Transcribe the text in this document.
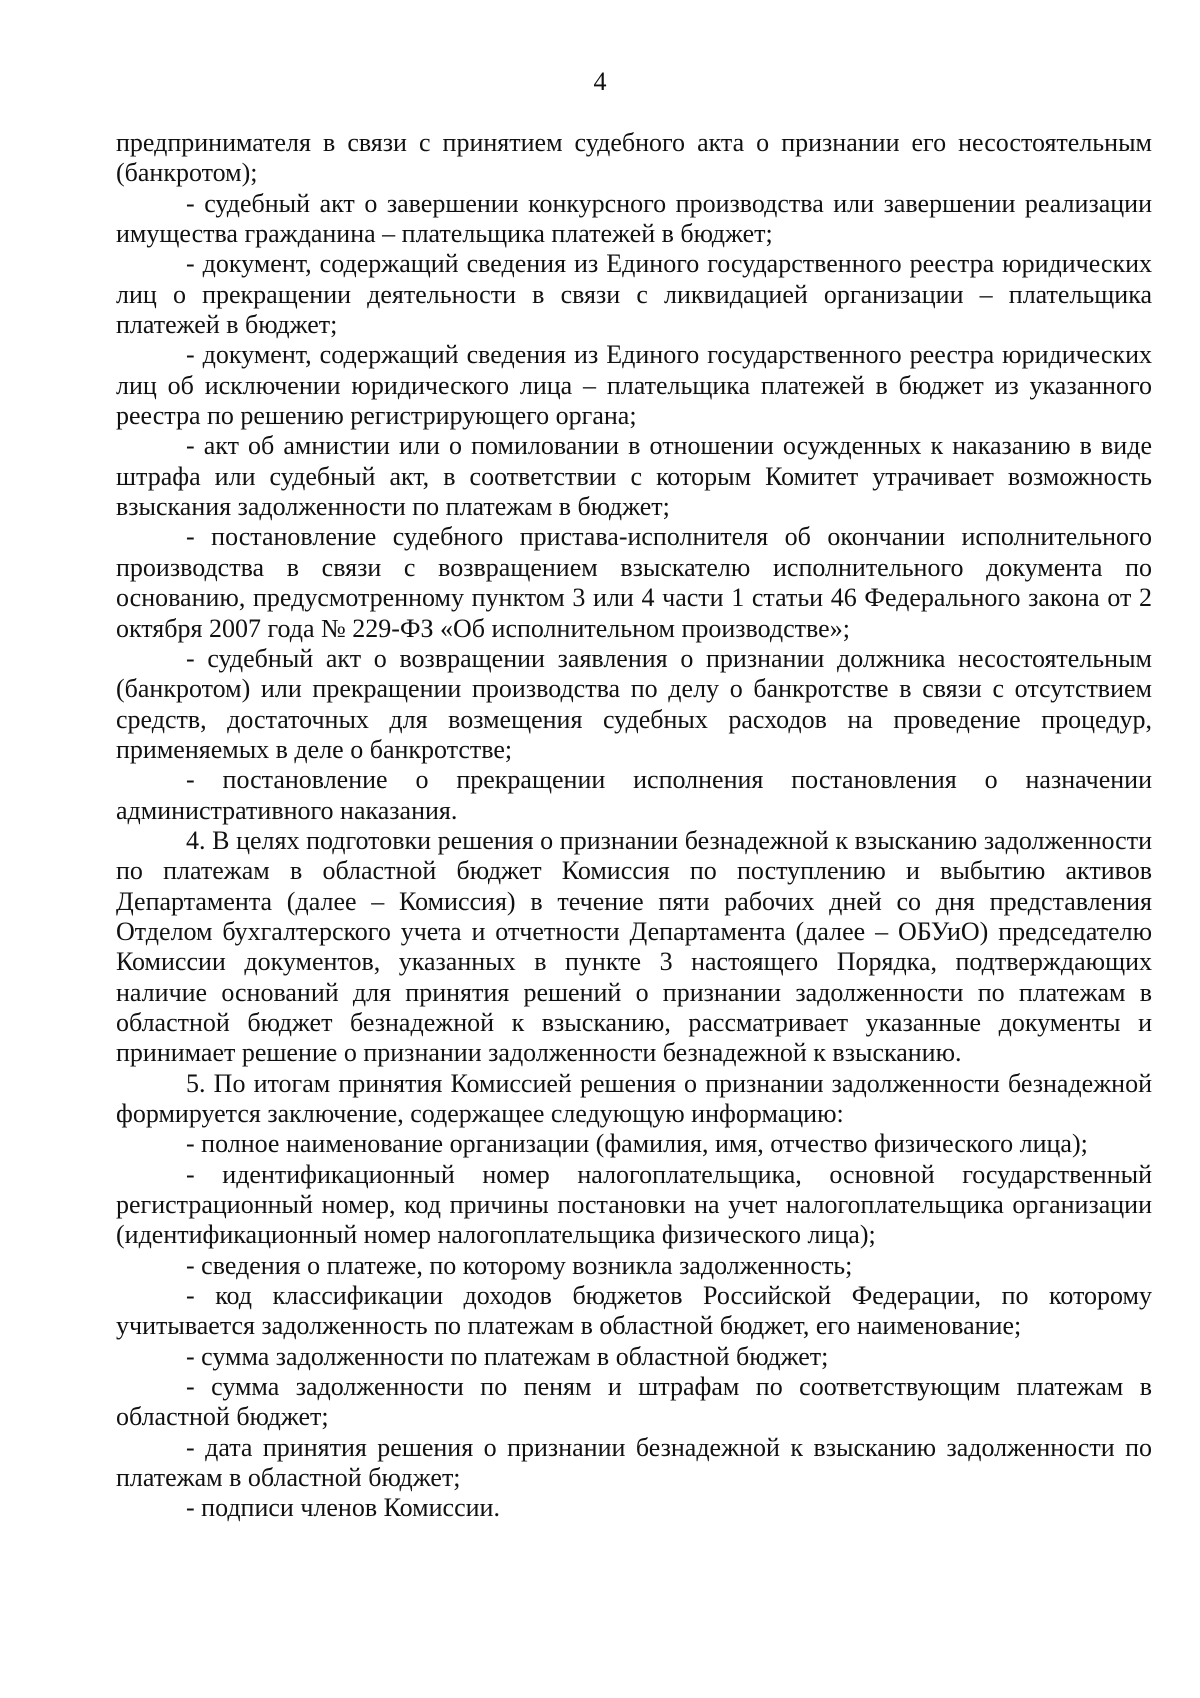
4

предпринимателя в связи с принятием судебного акта о признании его несостоятельным (банкротом);

- судебный акт о завершении конкурсного производства или завершении реализации имущества гражданина – плательщика платежей в бюджет;

- документ, содержащий сведения из Единого государственного реестра юридических лиц о прекращении деятельности в связи с ликвидацией организации – плательщика платежей в бюджет;

- документ, содержащий сведения из Единого государственного реестра юридических лиц об исключении юридического лица – плательщика платежей в бюджет из указанного реестра по решению регистрирующего органа;

- акт об амнистии или о помиловании в отношении осужденных к наказанию в виде штрафа или судебный акт, в соответствии с которым Комитет утрачивает возможность взыскания задолженности по платежам в бюджет;

- постановление судебного пристава-исполнителя об окончании исполнительного производства в связи с возвращением взыскателю исполнительного документа по основанию, предусмотренному пунктом 3 или 4 части 1 статьи 46 Федерального закона от 2 октября 2007 года № 229-ФЗ «Об исполнительном производстве»;

- судебный акт о возвращении заявления о признании должника несостоятельным (банкротом) или прекращении производства по делу о банкротстве в связи с отсутствием средств, достаточных для возмещения судебных расходов на проведение процедур, применяемых в деле о банкротстве;

- постановление о прекращении исполнения постановления о назначении административного наказания.

4. В целях подготовки решения о признании безнадежной к взысканию задолженности по платежам в областной бюджет Комиссия по поступлению и выбытию активов Департамента (далее – Комиссия) в течение пяти рабочих дней со дня представления Отделом бухгалтерского учета и отчетности Департамента (далее – ОБУиО) председателю Комиссии документов, указанных в пункте 3 настоящего Порядка, подтверждающих наличие оснований для принятия решений о признании задолженности по платежам в областной бюджет безнадежной к взысканию, рассматривает указанные документы и принимает решение о признании задолженности безнадежной к взысканию.

5. По итогам принятия Комиссией решения о признании задолженности безнадежной формируется заключение, содержащее следующую информацию:

- полное наименование организации (фамилия, имя, отчество физического лица);

- идентификационный номер налогоплательщика, основной государственный регистрационный номер, код причины постановки на учет налогоплательщика организации (идентификационный номер налогоплательщика физического лица);

- сведения о платеже, по которому возникла задолженность;

- код классификации доходов бюджетов Российской Федерации, по которому учитывается задолженность по платежам в областной бюджет, его наименование;

- сумма задолженности по платежам в областной бюджет;

- сумма задолженности по пеням и штрафам по соответствующим платежам в областной бюджет;

- дата принятия решения о признании безнадежной к взысканию задолженности по платежам в областной бюджет;

- подписи членов Комиссии.
